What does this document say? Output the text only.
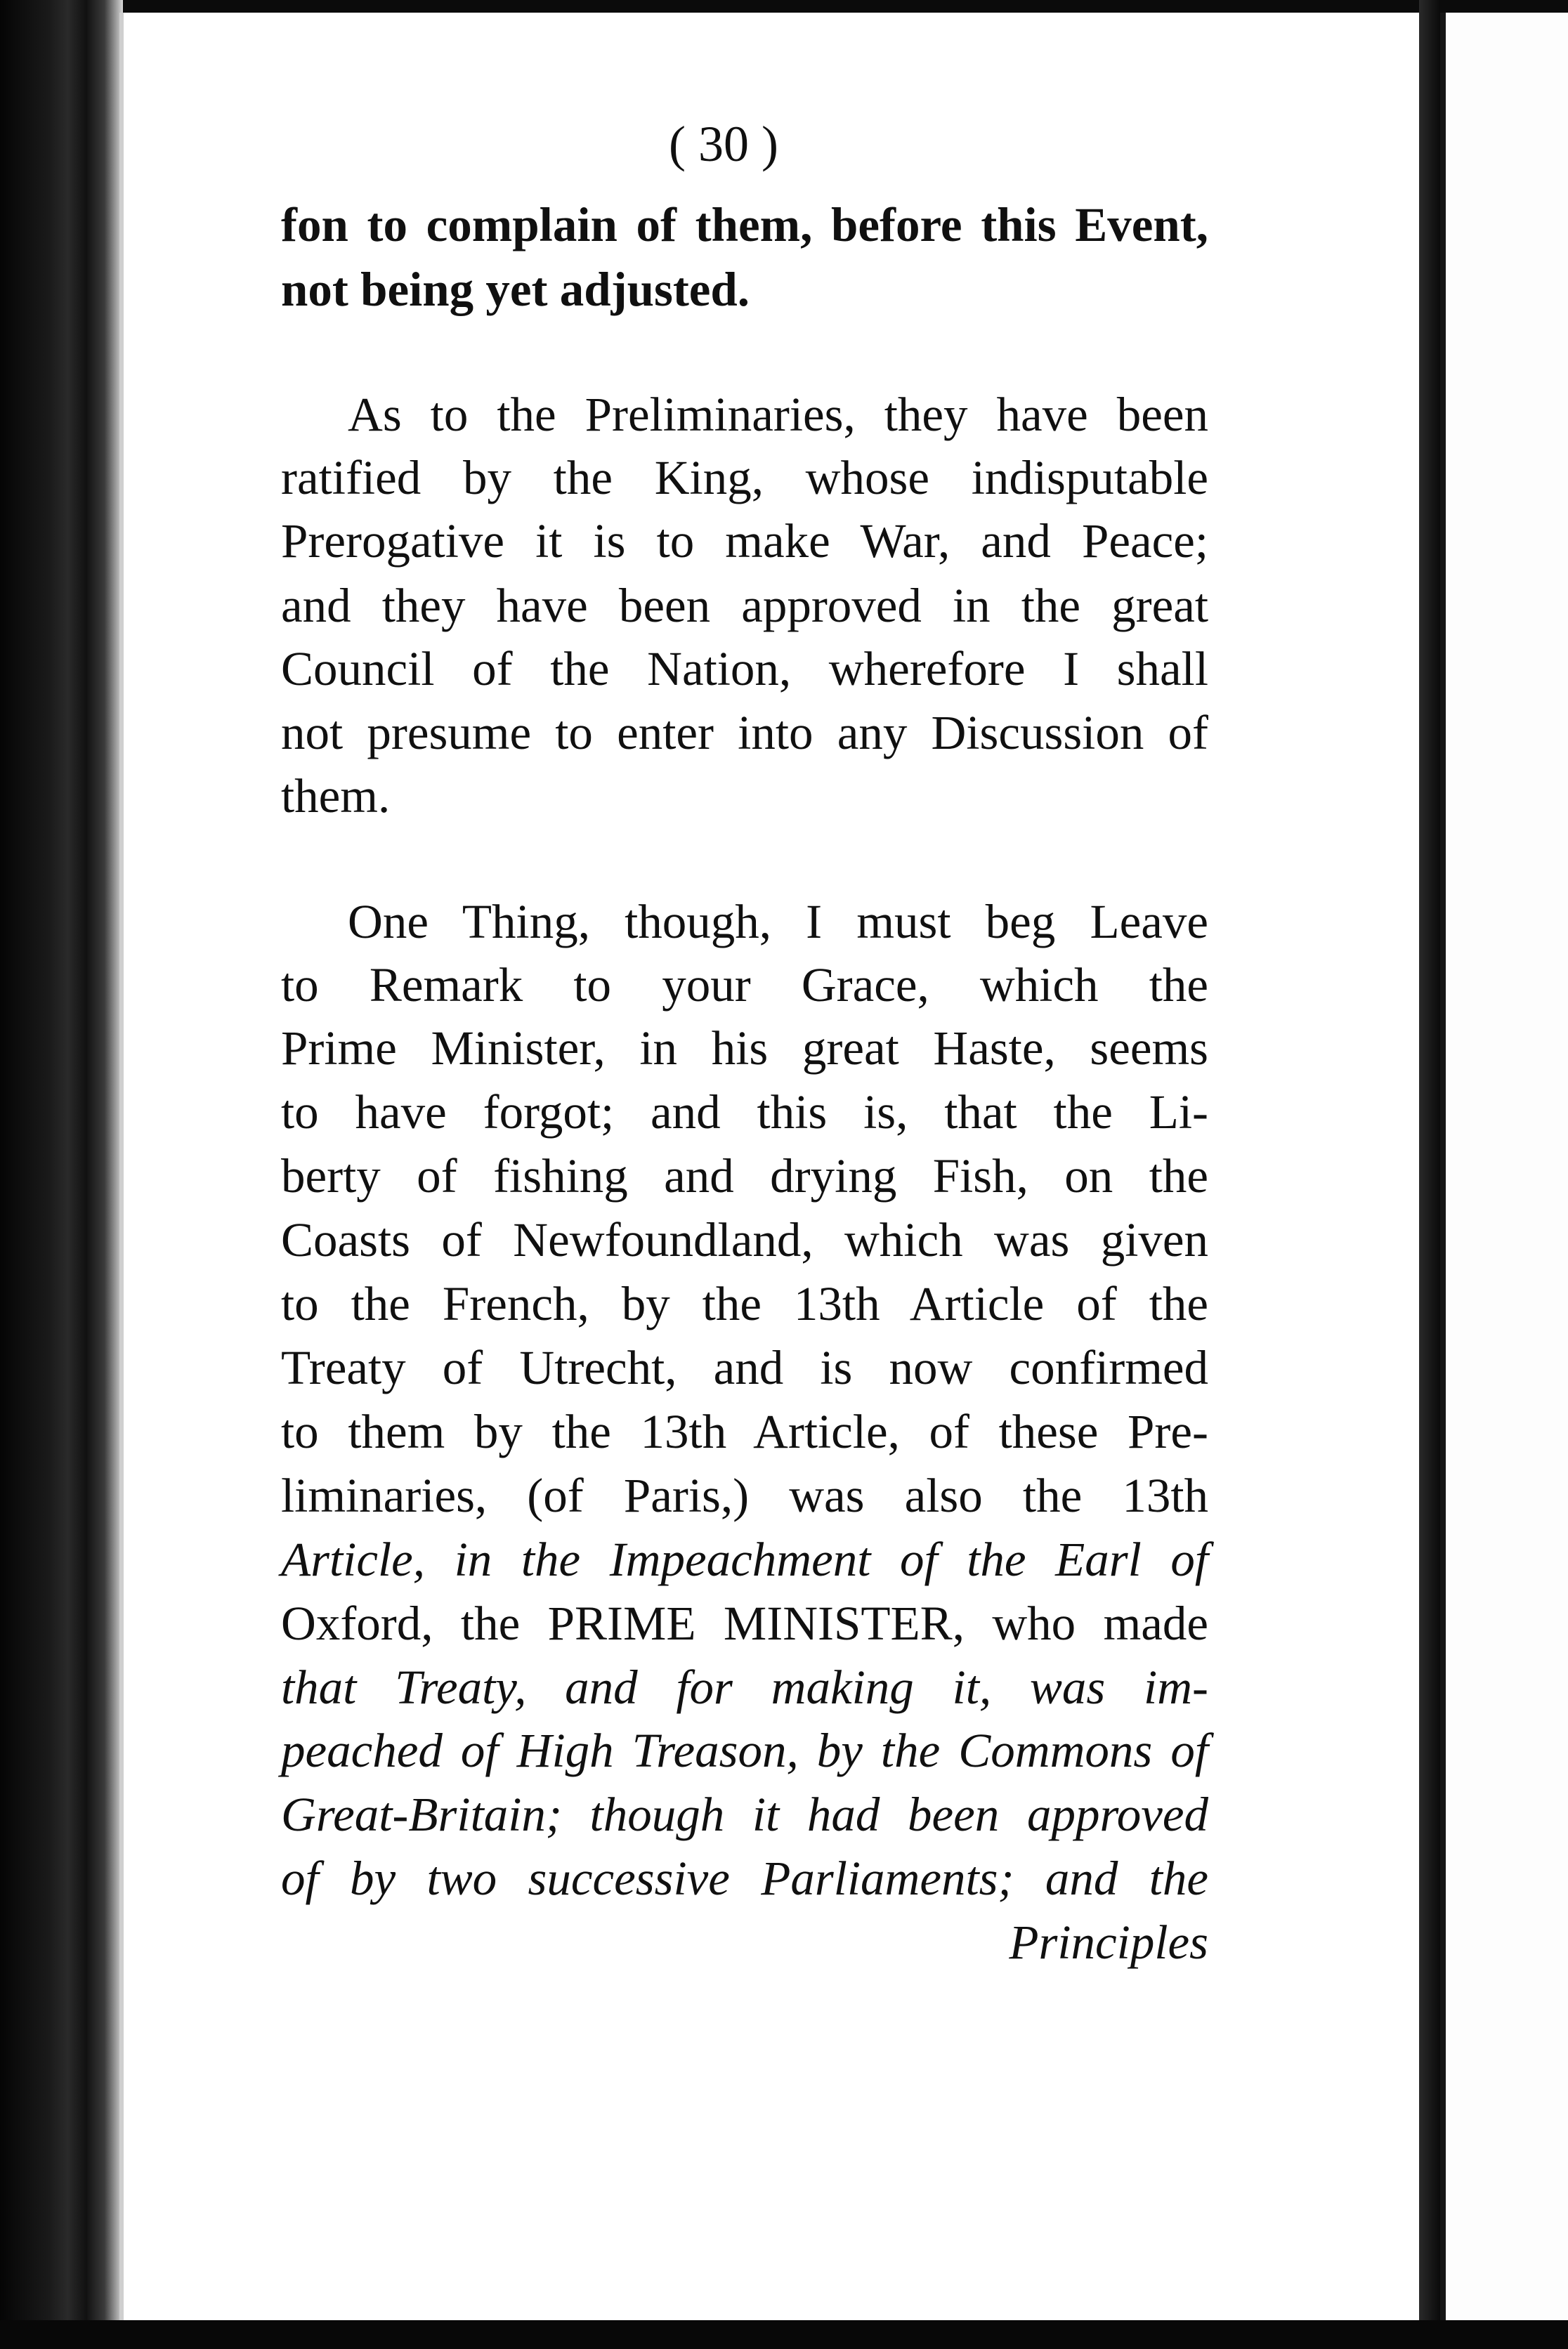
( 30 )
fon to complain of them, before this Event,
not being yet adjusted.
As to the Preliminaries, they have been
ratified by the King, whose indisputable
Prerogative it is to make War, and Peace;
and they have been approved in the great
Council of the Nation, wherefore I shall
not presume to enter into any Discussion of
them.
One Thing, though, I must beg Leave
to Remark to your Grace, which the
Prime Minister, in his great Haste, seems
to have forgot; and this is, that the Li-
berty of fishing and drying Fish, on the
Coasts of Newfoundland, which was given
to the French, by the 13th Article of the
Treaty of Utrecht, and is now confirmed
to them by the 13th Article, of these Pre-
liminaries, (of Paris,) was also the 13th
Article, in the Impeachment of the Earl of
Oxford, the PRIME MINISTER, who made
that Treaty, and for making it, was im-
peached of High Treason, by the Commons of
Great-Britain; though it had been approved
of by two successive Parliaments; and the
Principles
